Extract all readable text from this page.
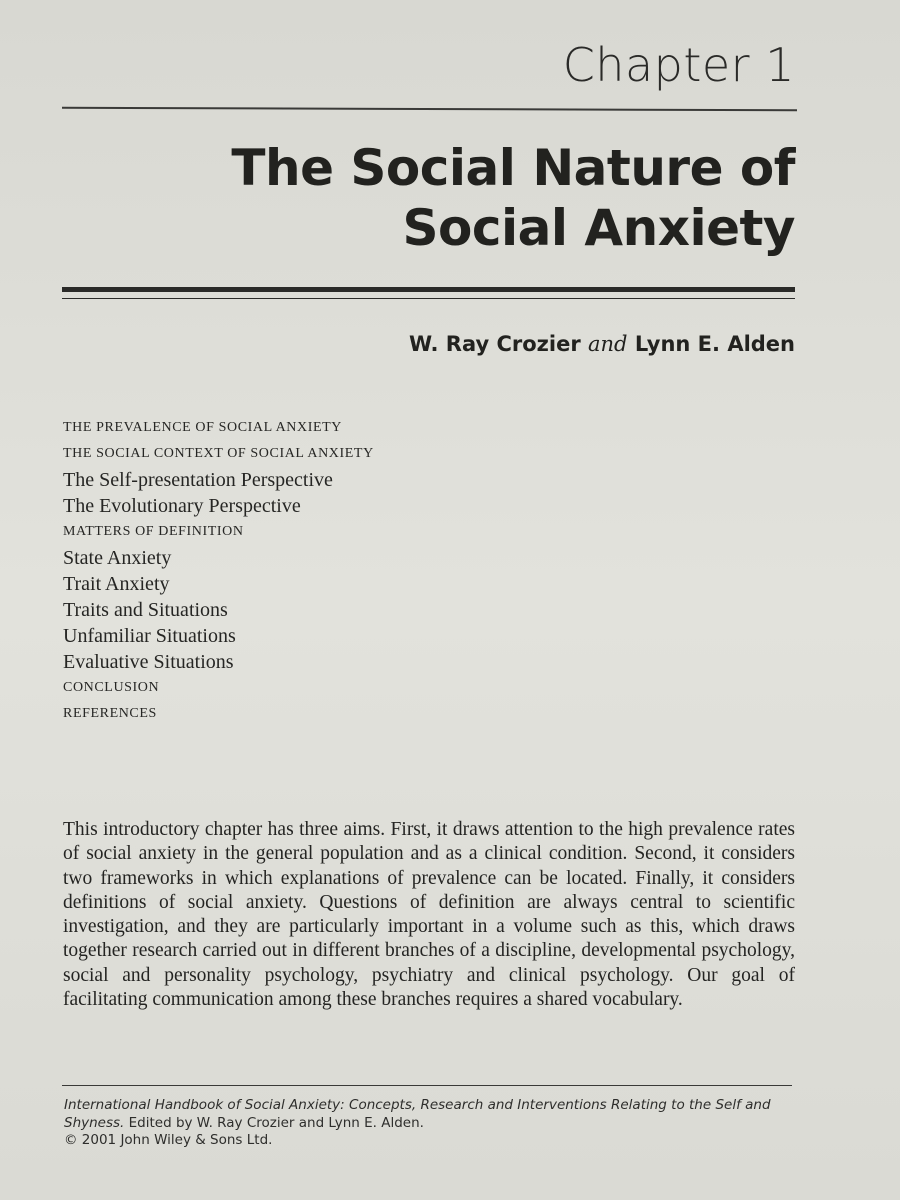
Chapter 1
The Social Nature of
Social Anxiety
W. Ray Crozier and Lynn E. Alden
THE PREVALENCE OF SOCIAL ANXIETY
THE SOCIAL CONTEXT OF SOCIAL ANXIETY
The Self-presentation Perspective
The Evolutionary Perspective
MATTERS OF DEFINITION
State Anxiety
Trait Anxiety
Traits and Situations
Unfamiliar Situations
Evaluative Situations
CONCLUSION
REFERENCES

This introductory chapter has three aims. First, it draws attention to the high prevalence rates of social anxiety in the general population and as a clinical condition. Second, it considers two frameworks in which explanations of prevalence can be located. Finally, it considers definitions of social anxiety. Questions of definition are always central to scientific investigation, and they are particularly important in a volume such as this, which draws together research carried out in different branches of a discipline, developmental psychology, social and personality psychology, psychiatry and clinical psychology. Our goal of facilitating communication among these branches requires a shared vocabulary.

International Handbook of Social Anxiety: Concepts, Research and Interventions Relating to the Self and Shyness. Edited by W. Ray Crozier and Lynn E. Alden.
© 2001 John Wiley & Sons Ltd.
